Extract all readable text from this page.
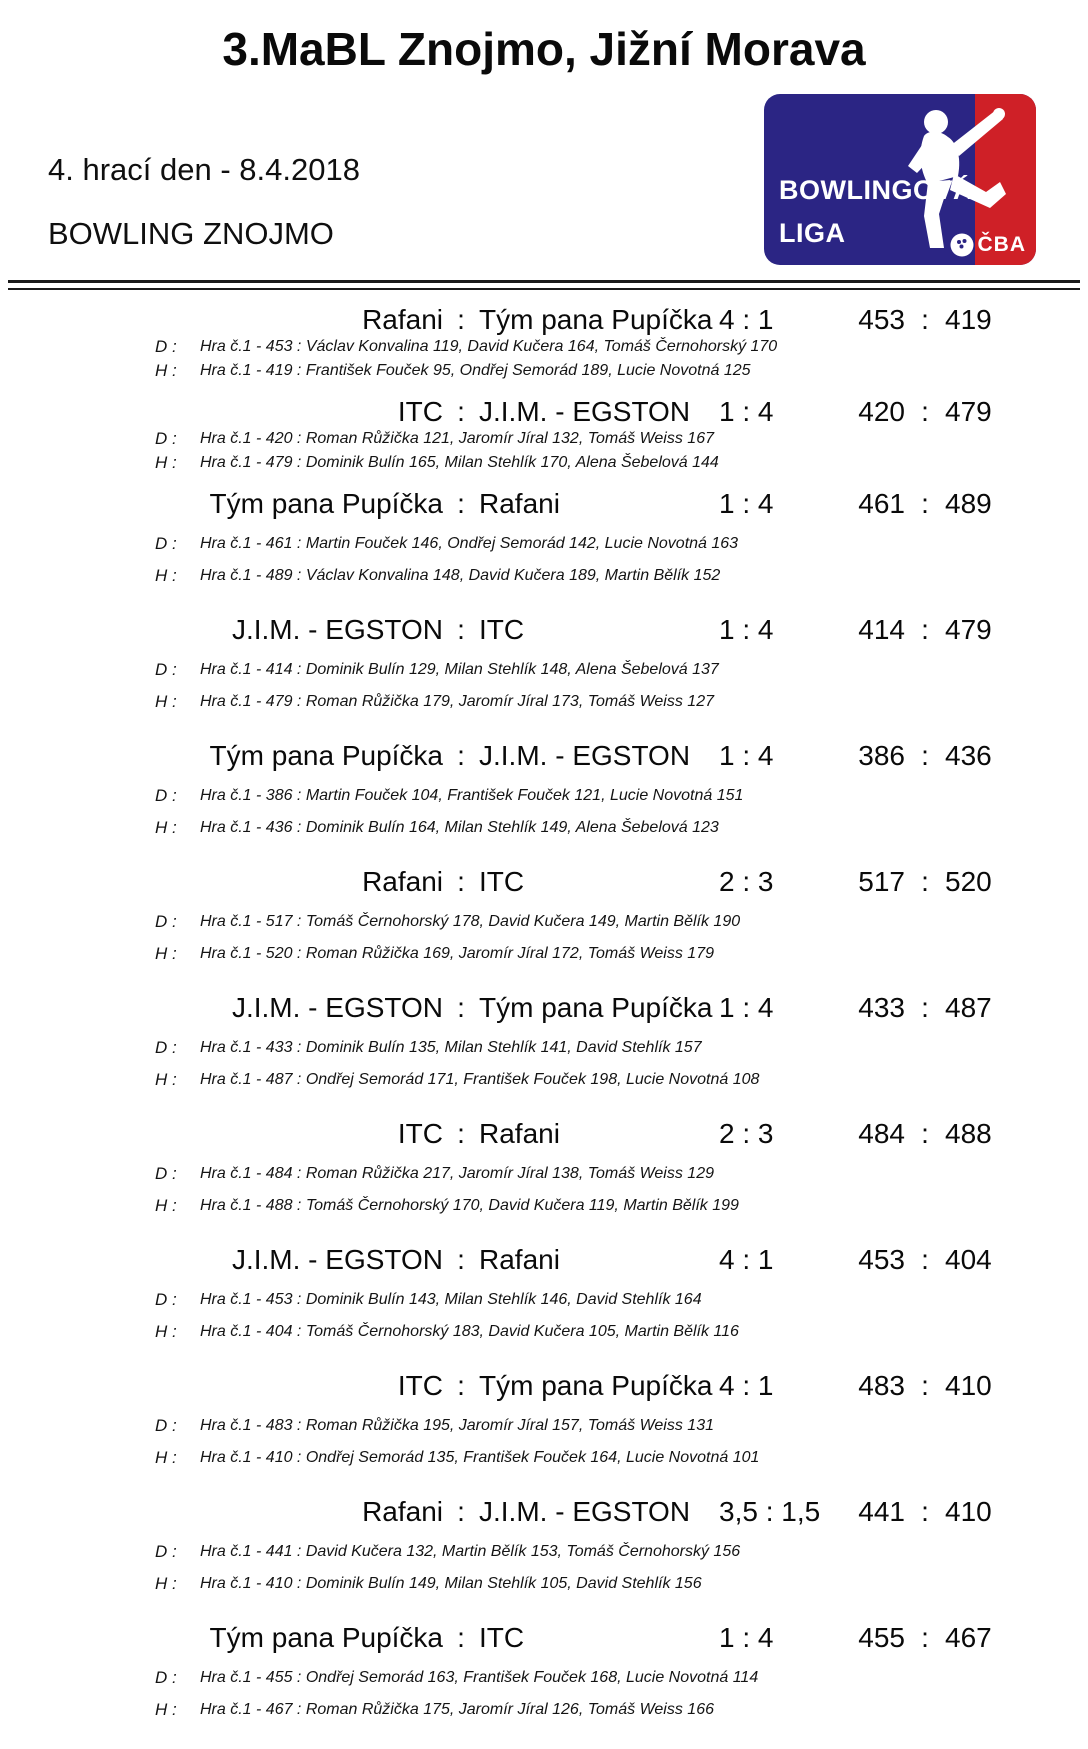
3.MaBL Znojmo, Jižní Morava
4. hrací den - 8.4.2018
BOWLING ZNOJMO
BOWLINGOVÁ
LIGA	ČBA
Rafani : Tým pana Pupíčka 4 : 1	453 : 419
D :	Hra č.1 - 453 : Václav Konvalina 119, David Kučera 164, Tomáš Černohorský 170
H :	Hra č.1 - 419 : František Fouček 95, Ondřej Semorád 189, Lucie Novotná 125
ITC : J.I.M. - EGSTON	1 : 4	420 : 479
D :	Hra č.1 - 420 : Roman Růžička 121, Jaromír Jíral 132, Tomáš Weiss 167
H :	Hra č.1 - 479 : Dominik Bulín 165, Milan Stehlík 170, Alena Šebelová 144
Tým pana Pupíčka : Rafani	1 : 4	461 : 489
D :	Hra č.1 - 461 : Martin Fouček 146, Ondřej Semorád 142, Lucie Novotná 163
H :	Hra č.1 - 489 : Václav Konvalina 148, David Kučera 189, Martin Bělík 152
J.I.M. - EGSTON : ITC	1 : 4	414 : 479
D :	Hra č.1 - 414 : Dominik Bulín 129, Milan Stehlík 148, Alena Šebelová 137
H :	Hra č.1 - 479 : Roman Růžička 179, Jaromír Jíral 173, Tomáš Weiss 127
Tým pana Pupíčka : J.I.M. - EGSTON	1 : 4	386 : 436
D :	Hra č.1 - 386 : Martin Fouček 104, František Fouček 121, Lucie Novotná 151
H :	Hra č.1 - 436 : Dominik Bulín 164, Milan Stehlík 149, Alena Šebelová 123
Rafani : ITC	2 : 3	517 : 520
D :	Hra č.1 - 517 : Tomáš Černohorský 178, David Kučera 149, Martin Bělík 190
H :	Hra č.1 - 520 : Roman Růžička 169, Jaromír Jíral 172, Tomáš Weiss 179
J.I.M. - EGSTON : Tým pana Pupíčka 1 : 4	433 : 487
D :	Hra č.1 - 433 : Dominik Bulín 135, Milan Stehlík 141, David Stehlík 157
H :	Hra č.1 - 487 : Ondřej Semorád 171, František Fouček 198, Lucie Novotná 108
ITC : Rafani	2 : 3	484 : 488
D :	Hra č.1 - 484 : Roman Růžička 217, Jaromír Jíral 138, Tomáš Weiss 129
H :	Hra č.1 - 488 : Tomáš Černohorský 170, David Kučera 119, Martin Bělík 199
J.I.M. - EGSTON : Rafani	4 : 1	453 : 404
D :	Hra č.1 - 453 : Dominik Bulín 143, Milan Stehlík 146, David Stehlík 164
H :	Hra č.1 - 404 : Tomáš Černohorský 183, David Kučera 105, Martin Bělík 116
ITC : Tým pana Pupíčka 4 : 1	483 : 410
D :	Hra č.1 - 483 : Roman Růžička 195, Jaromír Jíral 157, Tomáš Weiss 131
H :	Hra č.1 - 410 : Ondřej Semorád 135, František Fouček 164, Lucie Novotná 101
Rafani : J.I.M. - EGSTON	3,5 : 1,5	441 : 410
D :	Hra č.1 - 441 : David Kučera 132, Martin Bělík 153, Tomáš Černohorský 156
H :	Hra č.1 - 410 : Dominik Bulín 149, Milan Stehlík 105, David Stehlík 156
Tým pana Pupíčka : ITC	1 : 4	455 : 467
D :	Hra č.1 - 455 : Ondřej Semorád 163, František Fouček 168, Lucie Novotná 114
H :	Hra č.1 - 467 : Roman Růžička 175, Jaromír Jíral 126, Tomáš Weiss 166
